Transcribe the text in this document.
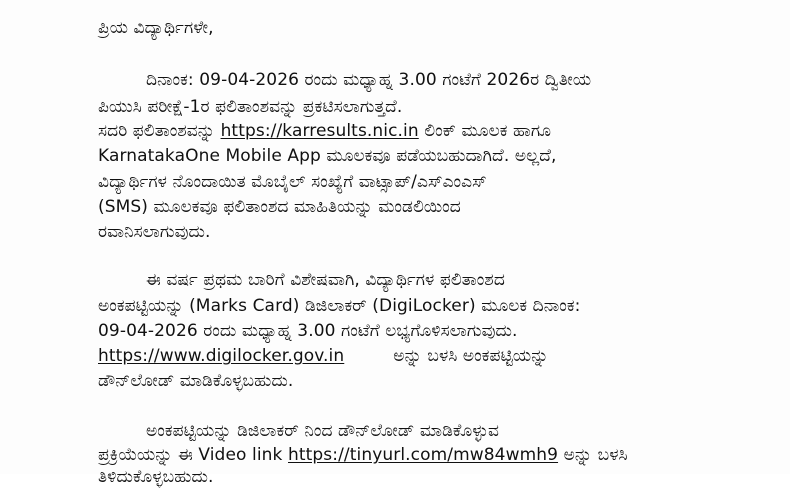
ಪ್ರಿಯ ವಿದ್ಯಾರ್ಥಿಗಳೇ,
ದಿನಾಂಕ: 09-04-2026 ರಂದು ಮಧ್ಯಾಹ್ನ 3.00 ಗಂಟೆಗೆ 2026ರ ದ್ವಿತೀಯ
ಪಿಯುಸಿ ಪರೀಕ್ಷೆ-1ರ ಫಲಿತಾಂಶವನ್ನು ಪ್ರಕಟಿಸಲಾಗುತ್ತದೆ.
ಸದರಿ ಫಲಿತಾಂಶವನ್ನು https://karresults.nic.in ಲಿಂಕ್ ಮೂಲಕ ಹಾಗೂ
KarnatakaOne Mobile App ಮೂಲಕವೂ ಪಡೆಯಬಹುದಾಗಿದೆ. ಅಲ್ಲದೆ,
ವಿದ್ಯಾರ್ಥಿಗಳ ನೊಂದಾಯಿತ ಮೊಬೈಲ್ ಸಂಖ್ಯೆಗೆ ವಾಟ್ಸಾಪ್/ಎಸ್‌ಎಂಎಸ್
(SMS) ಮೂಲಕವೂ ಫಲಿತಾಂಶದ ಮಾಹಿತಿಯನ್ನು ಮಂಡಲಿಯಿಂದ
ರವಾನಿಸಲಾಗುವುದು.
ಈ ವರ್ಷ ಪ್ರಥಮ ಬಾರಿಗೆ ವಿಶೇಷವಾಗಿ, ವಿದ್ಯಾರ್ಥಿಗಳ ಫಲಿತಾಂಶದ
ಅಂಕಪಟ್ಟಿಯನ್ನು (Marks Card) ಡಿಜಿಲಾಕರ್ (DigiLocker) ಮೂಲಕ ದಿನಾಂಕ:
09-04-2026 ರಂದು ಮಧ್ಯಾಹ್ನ 3.00 ಗಂಟೆಗೆ ಲಭ್ಯಗೊಳಿಸಲಾಗುವುದು.
https://www.digilocker.gov.in	ಅನ್ನು ಬಳಸಿ ಅಂಕಪಟ್ಟಿಯನ್ನು
ಡೌನ್‌ಲೋಡ್ ಮಾಡಿಕೊಳ್ಳಬಹುದು.
ಅಂಕಪಟ್ಟಿಯನ್ನು ಡಿಜಿಲಾಕರ್ ನಿಂದ ಡೌನ್‌ಲೋಡ್ ಮಾಡಿಕೊಳ್ಳುವ
ಪ್ರಕ್ರಿಯೆಯನ್ನು ಈ Video link https://tinyurl.com/mw84wmh9 ಅನ್ನು ಬಳಸಿ
ತಿಳಿದುಕೊಳ್ಳಬಹುದು.
